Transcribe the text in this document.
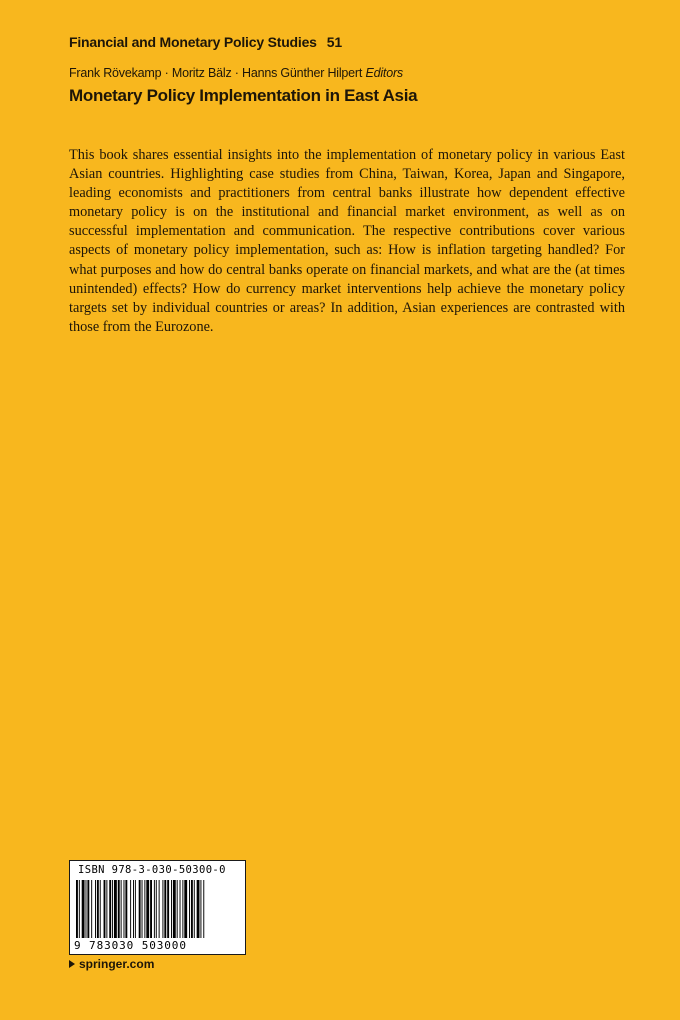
Financial and Monetary Policy Studies 51
Frank Rövekamp · Moritz Bälz · Hanns Günther Hilpert Editors
Monetary Policy Implementation in East Asia

This book shares essential insights into the implementation of monetary policy in various East Asian countries. Highlighting case studies from China, Taiwan, Korea, Japan and Singapore, leading economists and practitioners from central banks illustrate how dependent effective monetary policy is on the institutional and financial market environment, as well as on successful implementation and communication. The respective contributions cover various aspects of monetary policy implementation, such as: How is inflation targeting handled? For what purposes and how do central banks operate on financial markets, and what are the (at times unintended) effects? How do currency market interventions help achieve the monetary policy targets set by individual countries or areas? In addition, Asian experiences are contrasted with those from the Eurozone.

ISBN 978-3-030-50300-0
9 783030 503000
springer.com
